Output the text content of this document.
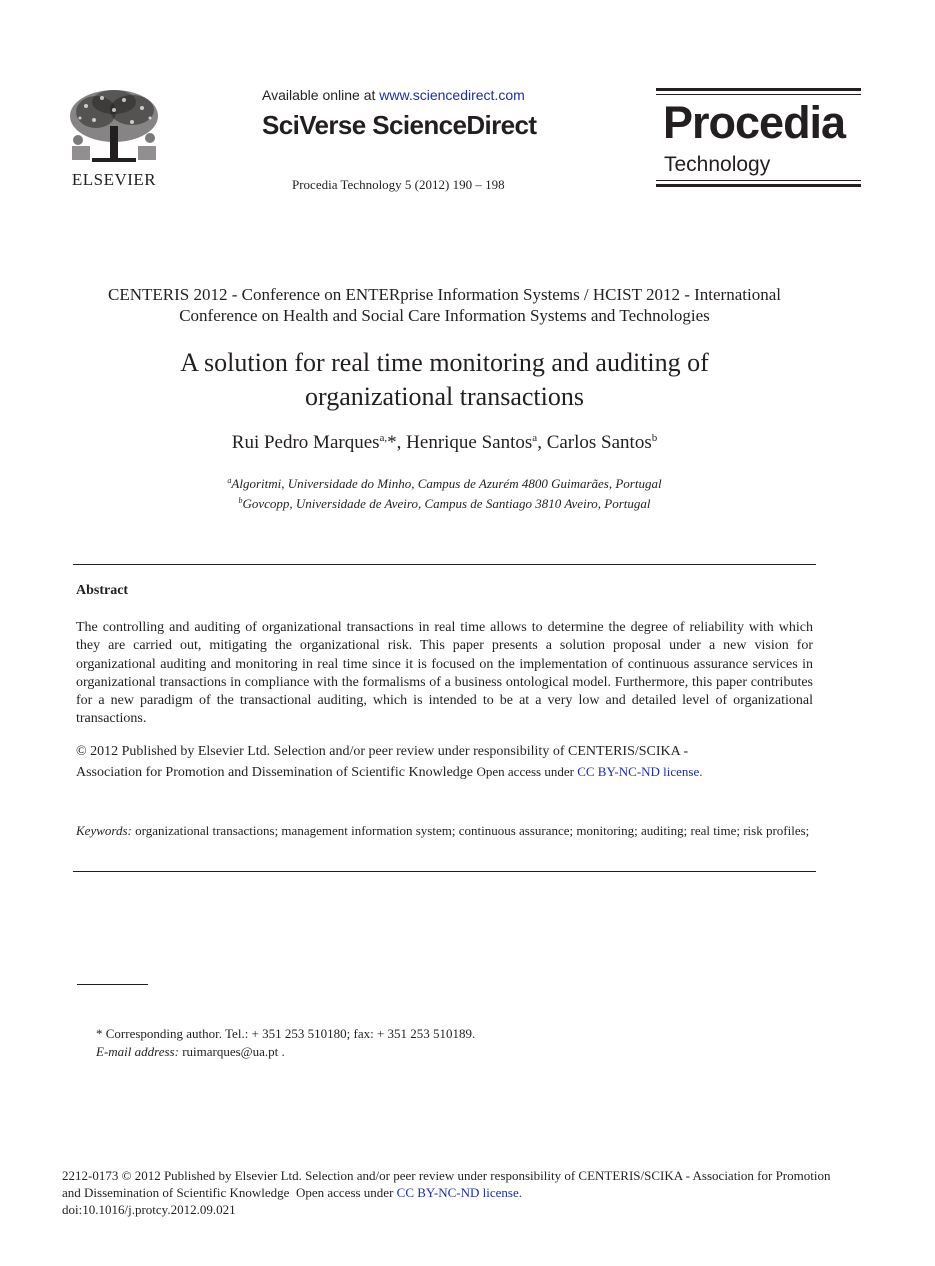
ELSEVIER
Available online at www.sciencedirect.com
SciVerse ScienceDirect
Procedia Technology 5 (2012) 190 – 198
Procedia
Technology
CENTERIS 2012 - Conference on ENTERprise Information Systems / HCIST 2012 - International
Conference on Health and Social Care Information Systems and Technologies
A solution for real time monitoring and auditing of
organizational transactions
Rui Pedro Marques$^{a,}$*, Henrique Santos$^a$, Carlos Santos$^b$
$^a$Algoritmi, Universidade do Minho, Campus de Azurém 4800 Guimarães, Portugal
$^b$Govcopp, Universidade de Aveiro, Campus de Santiago 3810 Aveiro, Portugal
Abstract
The controlling and auditing of organizational transactions in real time allows to determine the degree of reliability with which they are carried out, mitigating the organizational risk. This paper presents a solution proposal under a new vision for organizational auditing and monitoring in real time since it is focused on the implementation of continuous assurance services in organizational transactions in compliance with the formalisms of a business ontological model. Furthermore, this paper contributes for a new paradigm of the transactional auditing, which is intended to be at a very low and detailed level of organizational transactions.
© 2012 Published by Elsevier Ltd. Selection and/or peer review under responsibility of CENTERIS/SCIKA -
Association for Promotion and Dissemination of Scientific Knowledge Open access under CC BY-NC-ND license.
Keywords: organizational transactions; management information system; continuous assurance; monitoring; auditing; real time; risk profiles;
* Corresponding author. Tel.: + 351 253 510180; fax: + 351 253 510189.
E-mail address: ruimarques@ua.pt .
2212-0173 © 2012 Published by Elsevier Ltd. Selection and/or peer review under responsibility of CENTERIS/SCIKA - Association for Promotion
and Dissemination of Scientific Knowledge Open access under CC BY-NC-ND license.
doi:10.1016/j.protcy.2012.09.021
